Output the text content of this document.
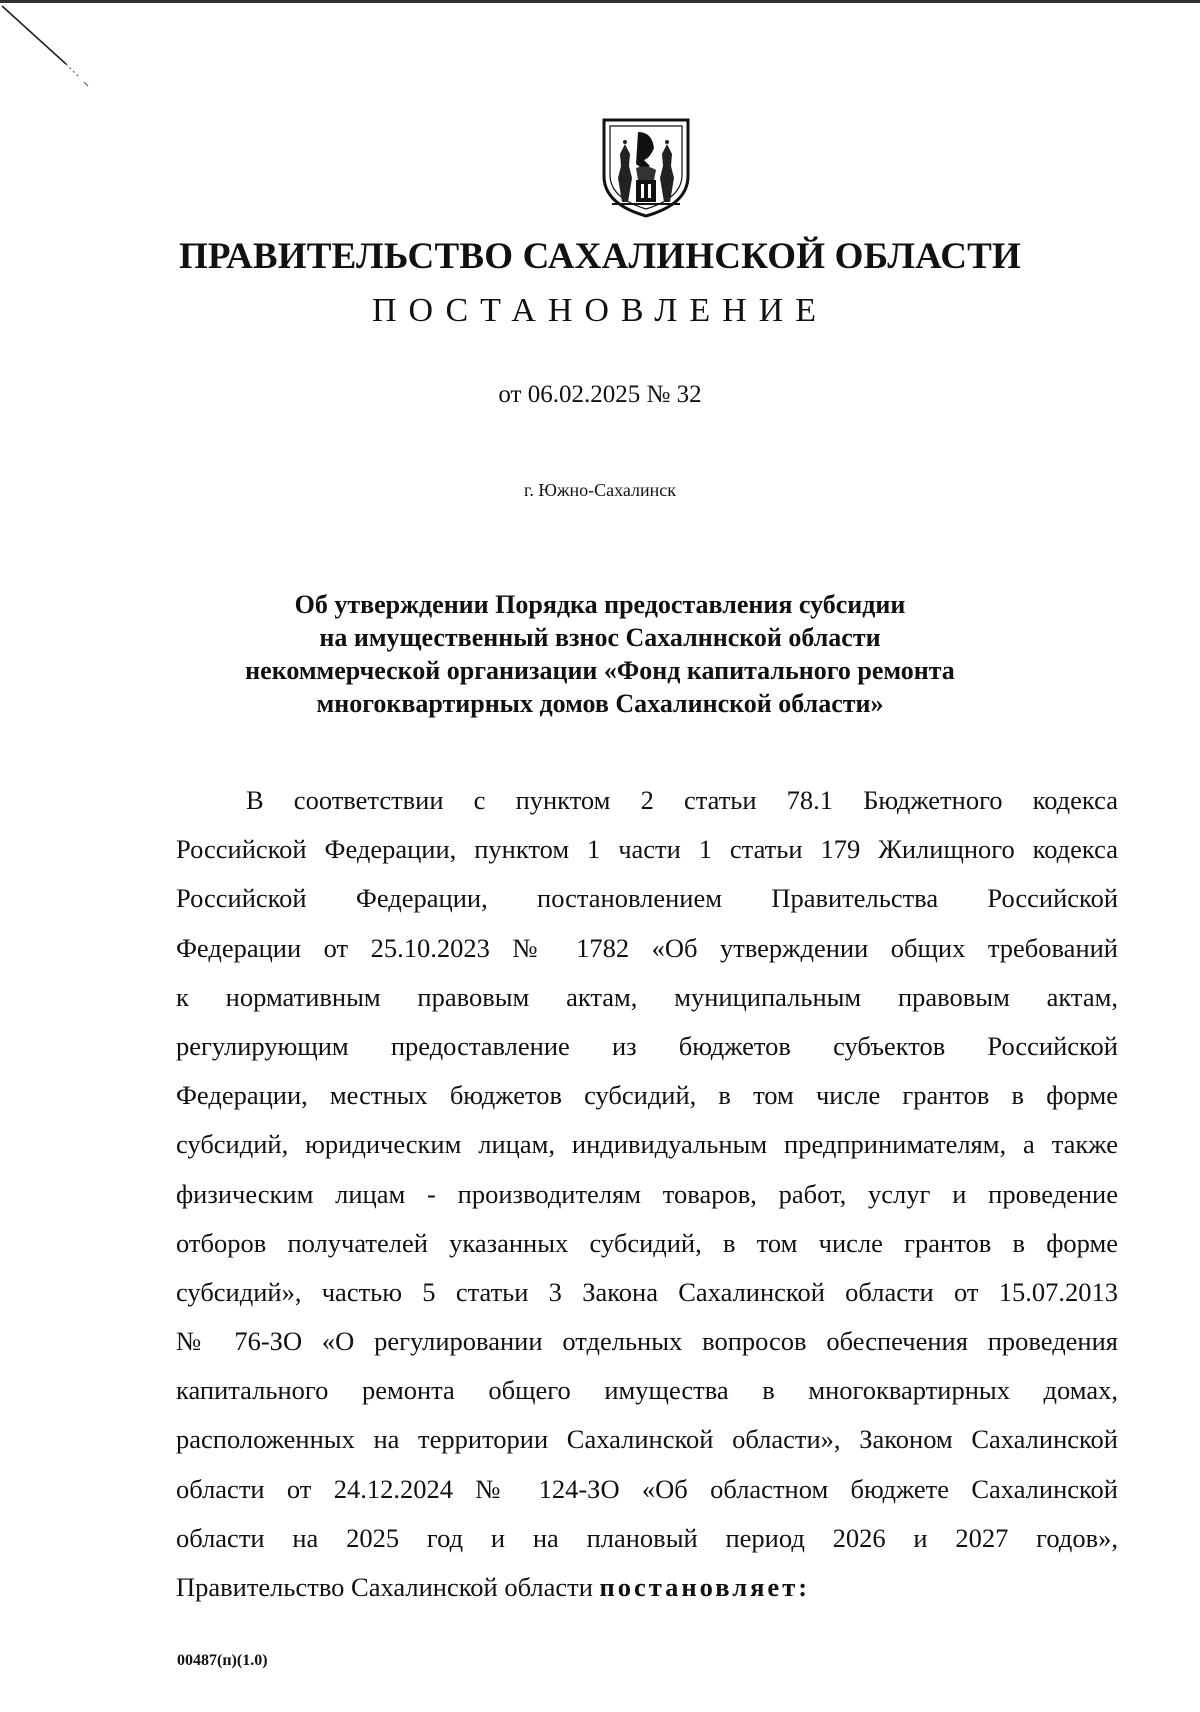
ПРАВИТЕЛЬСТВО САХАЛИНСКОЙ ОБЛАСТИ
ПОСТАНОВЛЕНИЕ
от 06.02.2025 № 32
г. Южно-Сахалинск
Об утверждении Порядка предоставления субсидии
на имущественный взнос Сахалннской области
некоммерческой организации «Фонд капитального ремонта
многоквартирных домов Сахалинской области»
В соответствии с пунктом 2 статьи 78.1 Бюджетного кодекса
Российской Федерации, пунктом 1 части 1 статьи 179 Жилищного кодекса
Российской Федерации, постановлением Правительства Российской
Федерации от 25.10.2023 № 1782 «Об утверждении общих требований
к нормативным правовым актам, муниципальным правовым актам,
регулирующим предоставление из бюджетов субъектов Российской
Федерации, местных бюджетов субсидий, в том числе грантов в форме
субсидий, юридическим лицам, индивидуальным предпринимателям, а также
физическим лицам - производителям товаров, работ, услуг и проведение
отборов получателей указанных субсидий, в том числе грантов в форме
субсидий», частью 5 статьи 3 Закона Сахалинской области от 15.07.2013
№ 76-ЗО «О регулировании отдельных вопросов обеспечения проведения
капитального ремонта общего имущества в многоквартирных домах,
расположенных на территории Сахалинской области», Законом Сахалинской
области от 24.12.2024 № 124-ЗО «Об областном бюджете Сахалинской
области на 2025 год и на плановый период 2026 и 2027 годов»,
Правительство Сахалинской области постановляет:
00487(п)(1.0)
